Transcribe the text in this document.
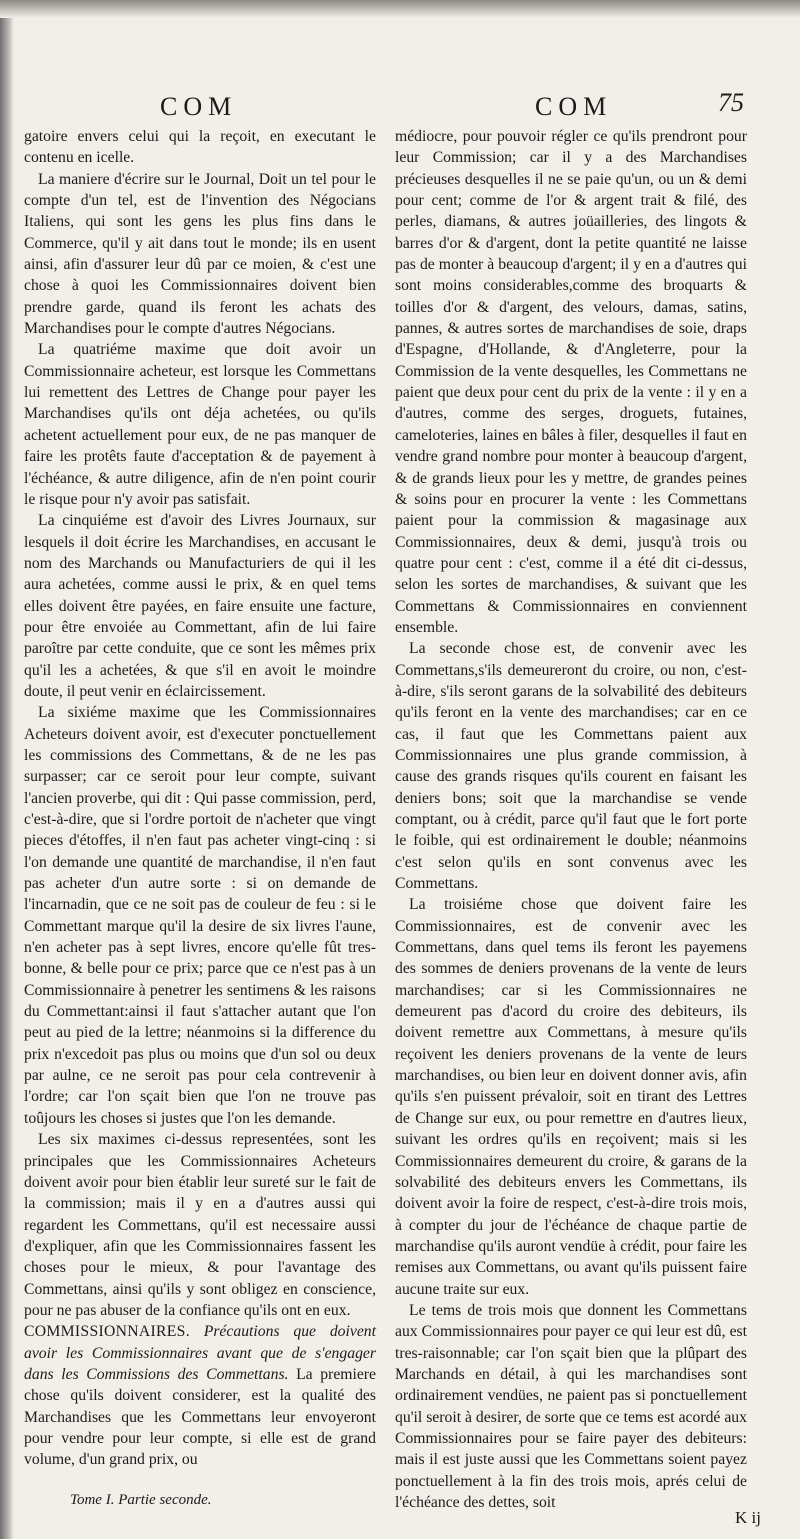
COM	COM	75

gatoire envers celui qui la reçoit, en executant le contenu en icelle.

La maniere d'écrire sur le Journal, Doit un tel pour le compte d'un tel, est de l'invention des Négocians Italiens, qui sont les gens les plus fins dans le Commerce, qu'il y ait dans tout le monde; ils en usent ainsi, afin d'assurer leur dû par ce moien, & c'est une chose à quoi les Commissionnaires doivent bien prendre garde, quand ils feront les achats des Marchandises pour le compte d'autres Négocians.

La quatriéme maxime que doit avoir un Commissionnaire acheteur, est lorsque les Commettans lui remettent des Lettres de Change pour payer les Marchandises qu'ils ont déja achetées, ou qu'ils achetent actuellement pour eux, de ne pas manquer de faire les protêts faute d'acceptation & de payement à l'échéance, & autre diligence, afin de n'en point courir le risque pour n'y avoir pas satisfait.

La cinquiéme est d'avoir des Livres Journaux, sur lesquels il doit écrire les Marchandises, en accusant le nom des Marchands ou Manufacturiers de qui il les aura achetées, comme aussi le prix, & en quel tems elles doivent être payées, en faire ensuite une facture, pour être envoiée au Commettant, afin de lui faire paroître par cette conduite, que ce sont les mêmes prix qu'il les a achetées, & que s'il en avoit le moindre doute, il peut venir en éclaircissement.

La sixiéme maxime que les Commissionnaires Acheteurs doivent avoir, est d'executer ponctuellement les commissions des Commettans, & de ne les pas surpasser; car ce seroit pour leur compte, suivant l'ancien proverbe, qui dit : Qui passe commission, perd, c'est-à-dire, que si l'ordre portoit de n'acheter que vingt pieces d'étoffes, il n'en faut pas acheter vingt-cinq : si l'on demande une quantité de marchandise, il n'en faut pas acheter d'un autre sorte : si on demande de l'incarnadin, que ce ne soit pas de couleur de feu : si le Commettant marque qu'il la desire de six livres l'aune, n'en acheter pas à sept livres, encore qu'elle fût tres-bonne, & belle pour ce prix; parce que ce n'est pas à un Commissionnaire à penetrer les sentimens & les raisons du Commettant:ainsi il faut s'attacher autant que l'on peut au pied de la lettre; néanmoins si la difference du prix n'excedoit pas plus ou moins que d'un sol ou deux par aulne, ce ne seroit pas pour cela contrevenir à l'ordre; car l'on sçait bien que l'on ne trouve pas toûjours les choses si justes que l'on les demande.

Les six maximes ci-dessus representées, sont les principales que les Commissionnaires Acheteurs doivent avoir pour bien établir leur sureté sur le fait de la commission; mais il y en a d'autres aussi qui regardent les Commettans, qu'il est necessaire aussi d'expliquer, afin que les Commissionnaires fassent les choses pour le mieux, & pour l'avantage des Commettans, ainsi qu'ils y sont obligez en conscience, pour ne pas abuser de la confiance qu'ils ont en eux.

COMMISSIONNAIRES. Précautions que doivent avoir les Commissionnaires avant que de s'engager dans les Commissions des Commettans. La premiere chose qu'ils doivent considerer, est la qualité des Marchandises que les Commettans leur envoyeront pour vendre pour leur compte, si elle est de grand volume, d'un grand prix, ou

médiocre, pour pouvoir régler ce qu'ils prendront pour leur Commission; car il y a des Marchandises précieuses desquelles il ne se paie qu'un, ou un & demi pour cent; comme de l'or & argent trait & filé, des perles, diamans, & autres joüailleries, des lingots & barres d'or & d'argent, dont la petite quantité ne laisse pas de monter à beaucoup d'argent; il y en a d'autres qui sont moins considerables,comme des broquarts & toilles d'or & d'argent, des velours, damas, satins, pannes, & autres sortes de marchandises de soie, draps d'Espagne, d'Hollande, & d'Angleterre, pour la Commission de la vente desquelles, les Commettans ne paient que deux pour cent du prix de la vente : il y en a d'autres, comme des serges, droguets, futaines, cameloteries, laines en bâles à filer, desquelles il faut en vendre grand nombre pour monter à beaucoup d'argent, & de grands lieux pour les y mettre, de grandes peines & soins pour en procurer la vente : les Commettans paient pour la commission & magasinage aux Commissionnaires, deux & demi, jusqu'à trois ou quatre pour cent : c'est, comme il a été dit ci-dessus, selon les sortes de marchandises, & suivant que les Commettans & Commissionnaires en conviennent ensemble.

La seconde chose est, de convenir avec les Commettans,s'ils demeureront du croire, ou non, c'est-à-dire, s'ils seront garans de la solvabilité des debiteurs qu'ils feront en la vente des marchandises; car en ce cas, il faut que les Commettans paient aux Commissionnaires une plus grande commission, à cause des grands risques qu'ils courent en faisant les deniers bons; soit que la marchandise se vende comptant, ou à crédit, parce qu'il faut que le fort porte le foible, qui est ordinairement le double; néanmoins c'est selon qu'ils en sont convenus avec les Commettans.

La troisiéme chose que doivent faire les Commissionnaires, est de convenir avec les Commettans, dans quel tems ils feront les payemens des sommes de deniers provenans de la vente de leurs marchandises; car si les Commissionnaires ne demeurent pas d'acord du croire des debiteurs, ils doivent remettre aux Commettans, à mesure qu'ils reçoivent les deniers provenans de la vente de leurs marchandises, ou bien leur en doivent donner avis, afin qu'ils s'en puissent prévaloir, soit en tirant des Lettres de Change sur eux, ou pour remettre en d'autres lieux, suivant les ordres qu'ils en reçoivent; mais si les Commissionnaires demeurent du croire, & garans de la solvabilité des debiteurs envers les Commettans, ils doivent avoir la foire de respect, c'est-à-dire trois mois, à compter du jour de l'échéance de chaque partie de marchandise qu'ils auront vendüe à crédit, pour faire les remises aux Commettans, ou avant qu'ils puissent faire aucune traite sur eux.

Le tems de trois mois que donnent les Commettans aux Commissionnaires pour payer ce qui leur est dû, est tres-raisonnable; car l'on sçait bien que la plûpart des Marchands en détail, à qui les marchandises sont ordinairement vendües, ne paient pas si ponctuellement qu'il seroit à desirer, de sorte que ce tems est acordé aux Commissionnaires pour se faire payer des debiteurs: mais il est juste aussi que les Commettans soient payez ponctuellement à la fin des trois mois, aprés celui de l'échéance des dettes, soit

Tome I. Partie seconde.
K ij
